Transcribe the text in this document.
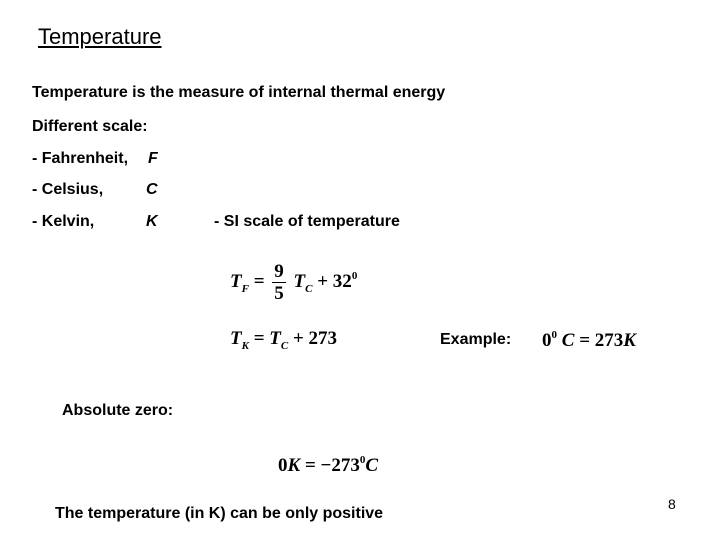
Temperature
Temperature is the measure of internal thermal energy
Different scale:
- Fahrenheit, F
- Celsius,	C
- Kelvin,	K	- SI scale of temperature
$T_F = \frac{9}{5} T_C + 32^0$
$T_K = T_C + 273$	Example: $0^0$ C = 273K
Absolute zero:
$0K = -273^0C$
The temperature (in K) can be only positive
8
